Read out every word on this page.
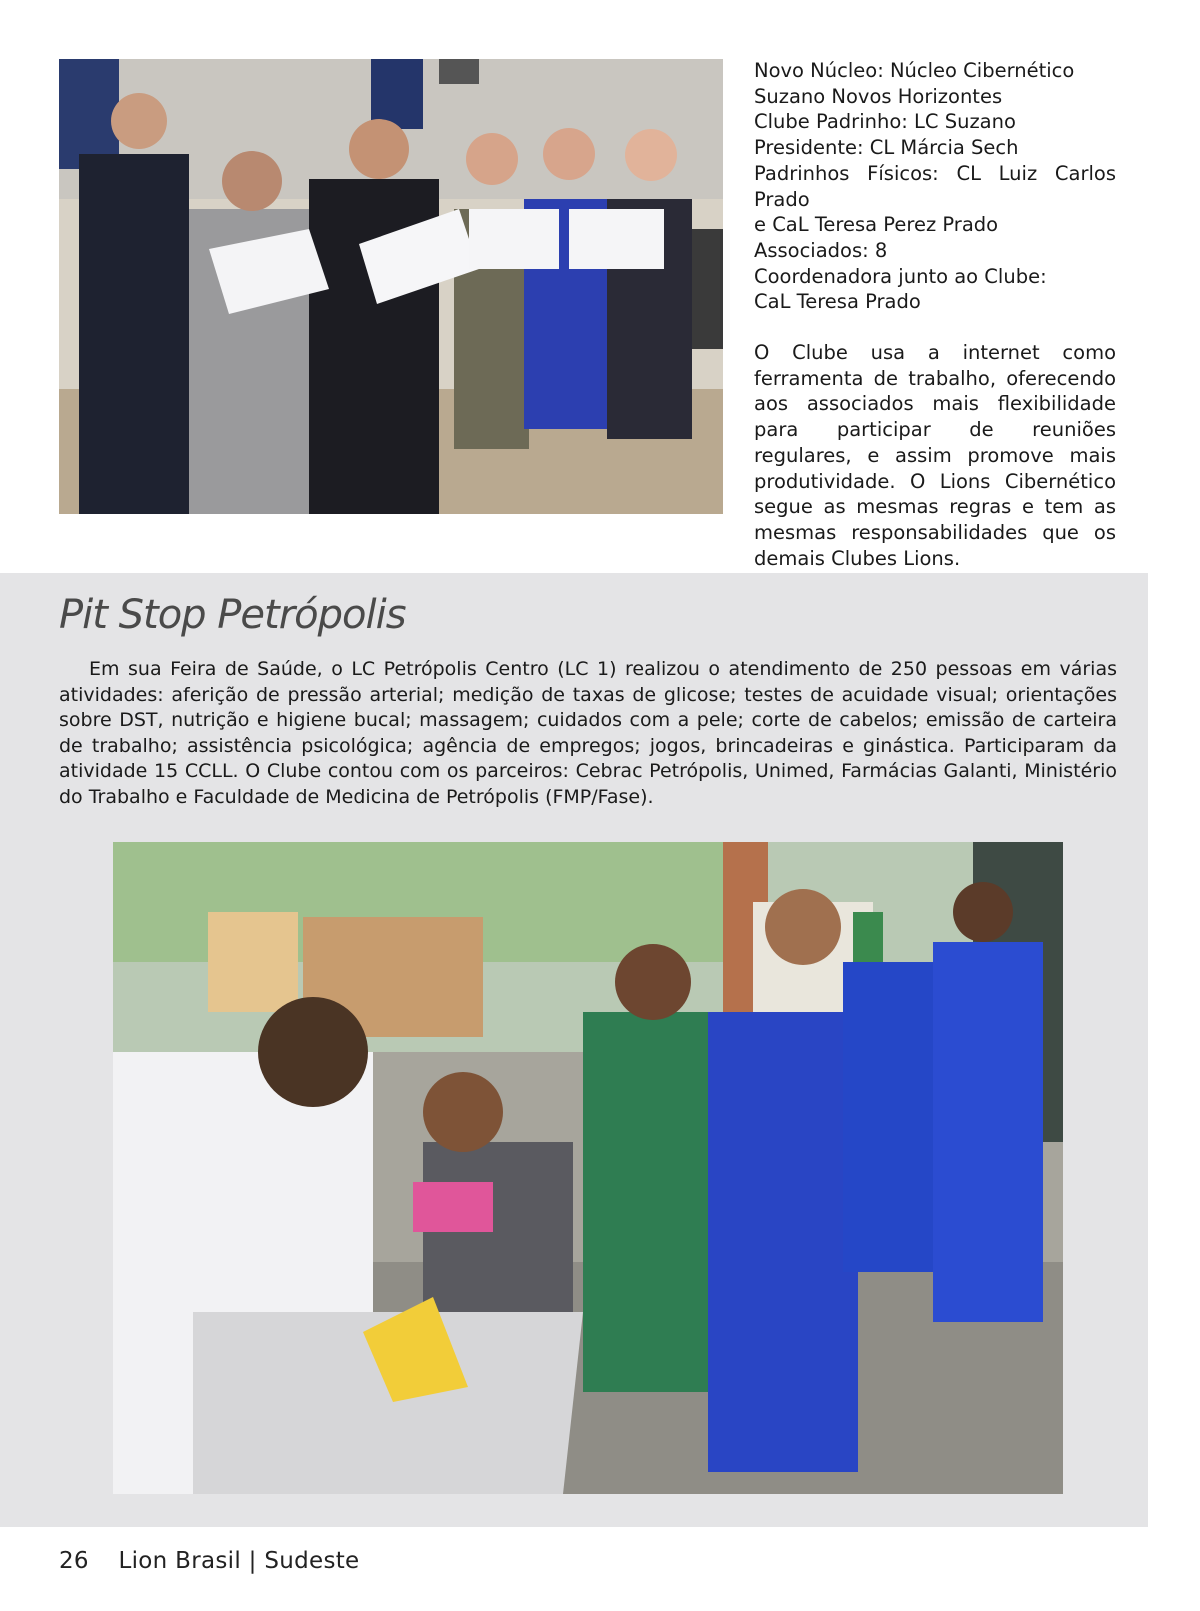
Novo Núcleo: Núcleo Cibernético
Suzano Novos Horizontes
Clube Padrinho: LC Suzano
Presidente: CL Márcia Sech
Padrinhos Físicos: CL Luiz Carlos Prado
e CaL Teresa Perez Prado
Associados: 8
Coordenadora junto ao Clube:
CaL Teresa Prado

O Clube usa a internet como ferramenta de trabalho, oferecendo aos associados mais flexibilidade para participar de reuniões regulares, e assim promove mais produtividade. O Lions Cibernético segue as mesmas regras e tem as mesmas responsabilidades que os demais Clubes Lions.

Pit Stop Petrópolis

Em sua Feira de Saúde, o LC Petrópolis Centro (LC 1) realizou o atendimento de 250 pessoas em várias atividades: aferição de pressão arterial; medição de taxas de glicose; testes de acuidade visual; orientações sobre DST, nutrição e higiene bucal; massagem; cuidados com a pele; corte de cabelos; emissão de carteira de trabalho; assistência psicológica; agência de empregos; jogos, brincadeiras e ginástica. Participaram da atividade 15 CCLL. O Clube contou com os parceiros: Cebrac Petrópolis, Unimed, Farmácias Galanti, Ministério do Trabalho e Faculdade de Medicina de Petrópolis (FMP/Fase).

26 Lion Brasil | Sudeste
